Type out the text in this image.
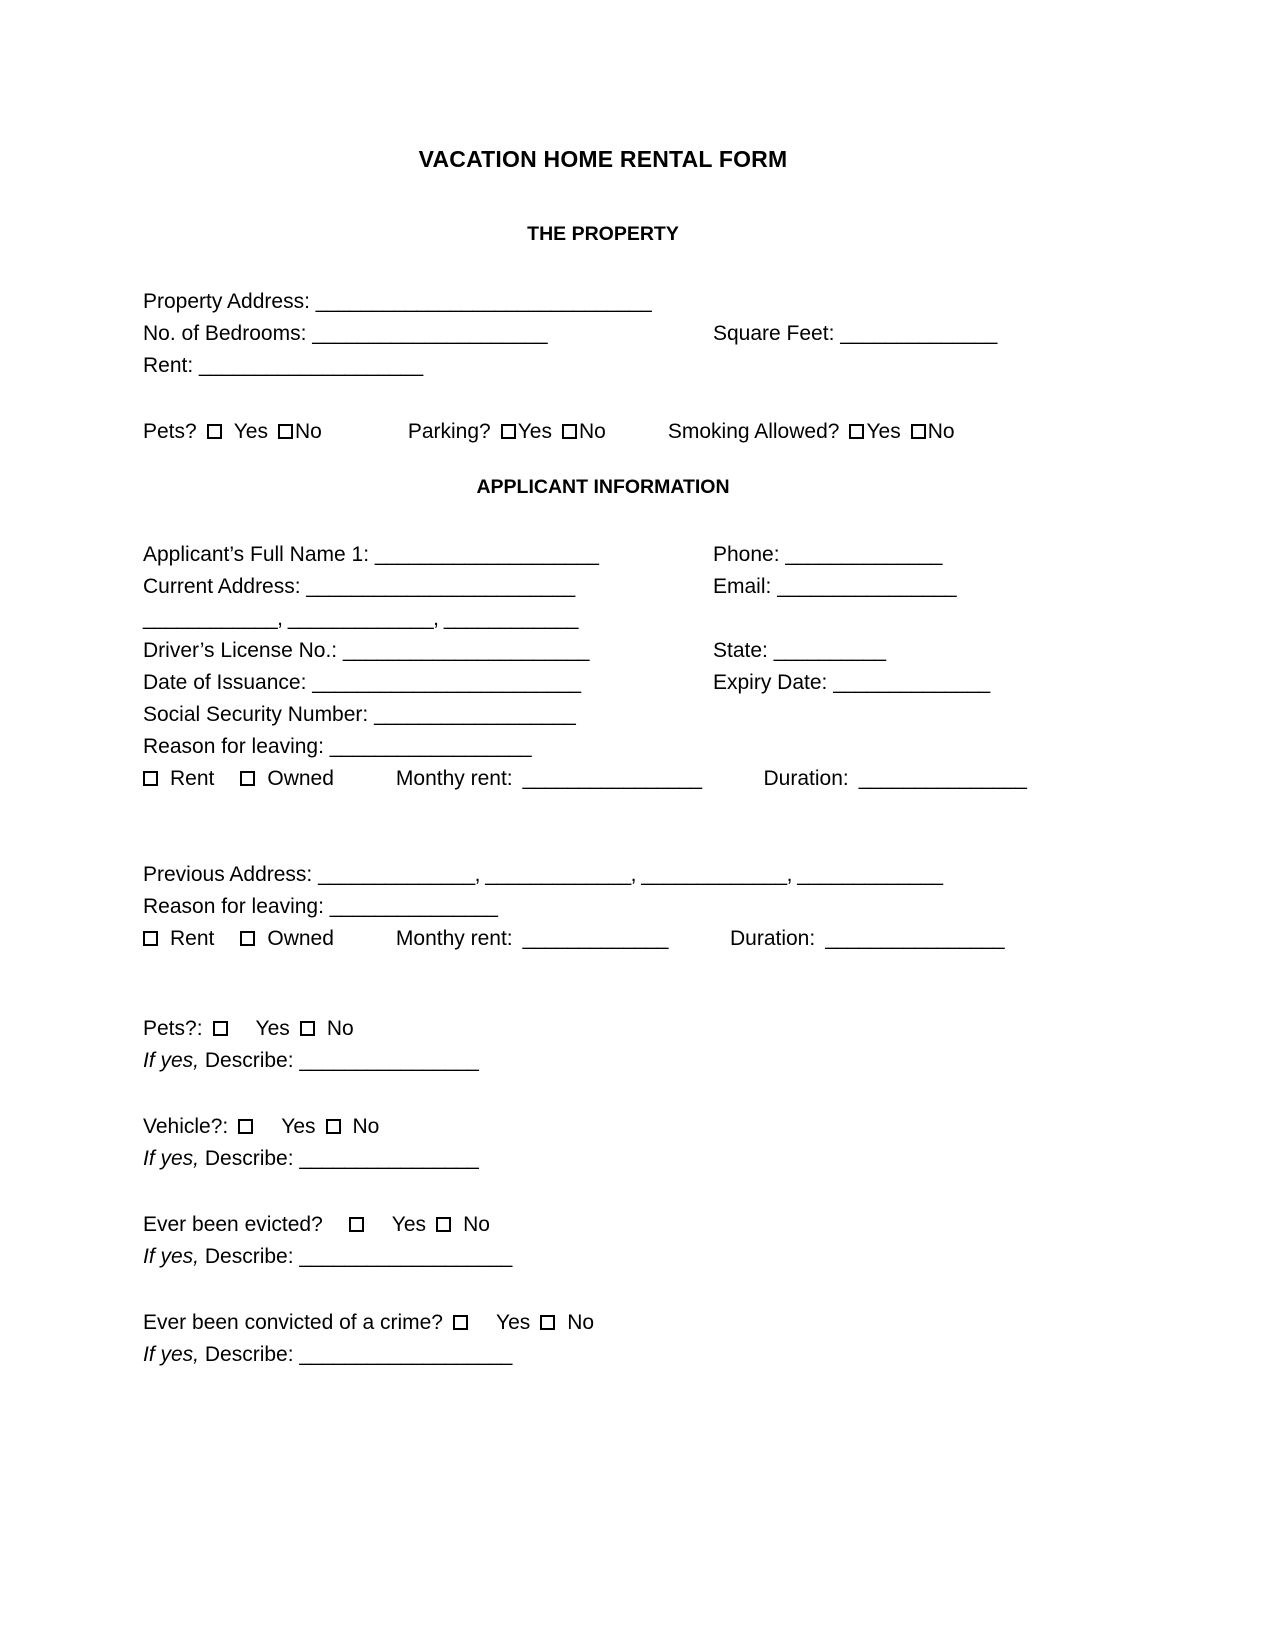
VACATION HOME RENTAL FORM
THE PROPERTY
Property Address: ______________________________
No. of Bedrooms: _____________________	Square Feet: ______________
Rent: ____________________
Pets? Yes No	Parking? Yes No	Smoking Allowed? Yes No
APPLICANT INFORMATION
Applicant’s Full Name 1: ____________________	Phone: ______________
Current Address: ________________________	Email: ________________
____________, _____________, ____________
Driver’s License No.: ______________________	State: __________
Date of Issuance: ________________________	Expiry Date: ______________
Social Security Number: __________________
Reason for leaving: __________________
Rent	Owned	Monthy rent: ________________	Duration: _______________
Previous Address: ______________, _____________, _____________, _____________
Reason for leaving: _______________
Rent	Owned	Monthy rent: _____________	Duration: ________________
Pets?:	Yes No
If yes, Describe: ________________
Vehicle?:	Yes No
If yes, Describe: ________________
Ever been evicted?	Yes No
If yes, Describe: ___________________
Ever been convicted of a crime?	Yes No
If yes, Describe: ___________________
